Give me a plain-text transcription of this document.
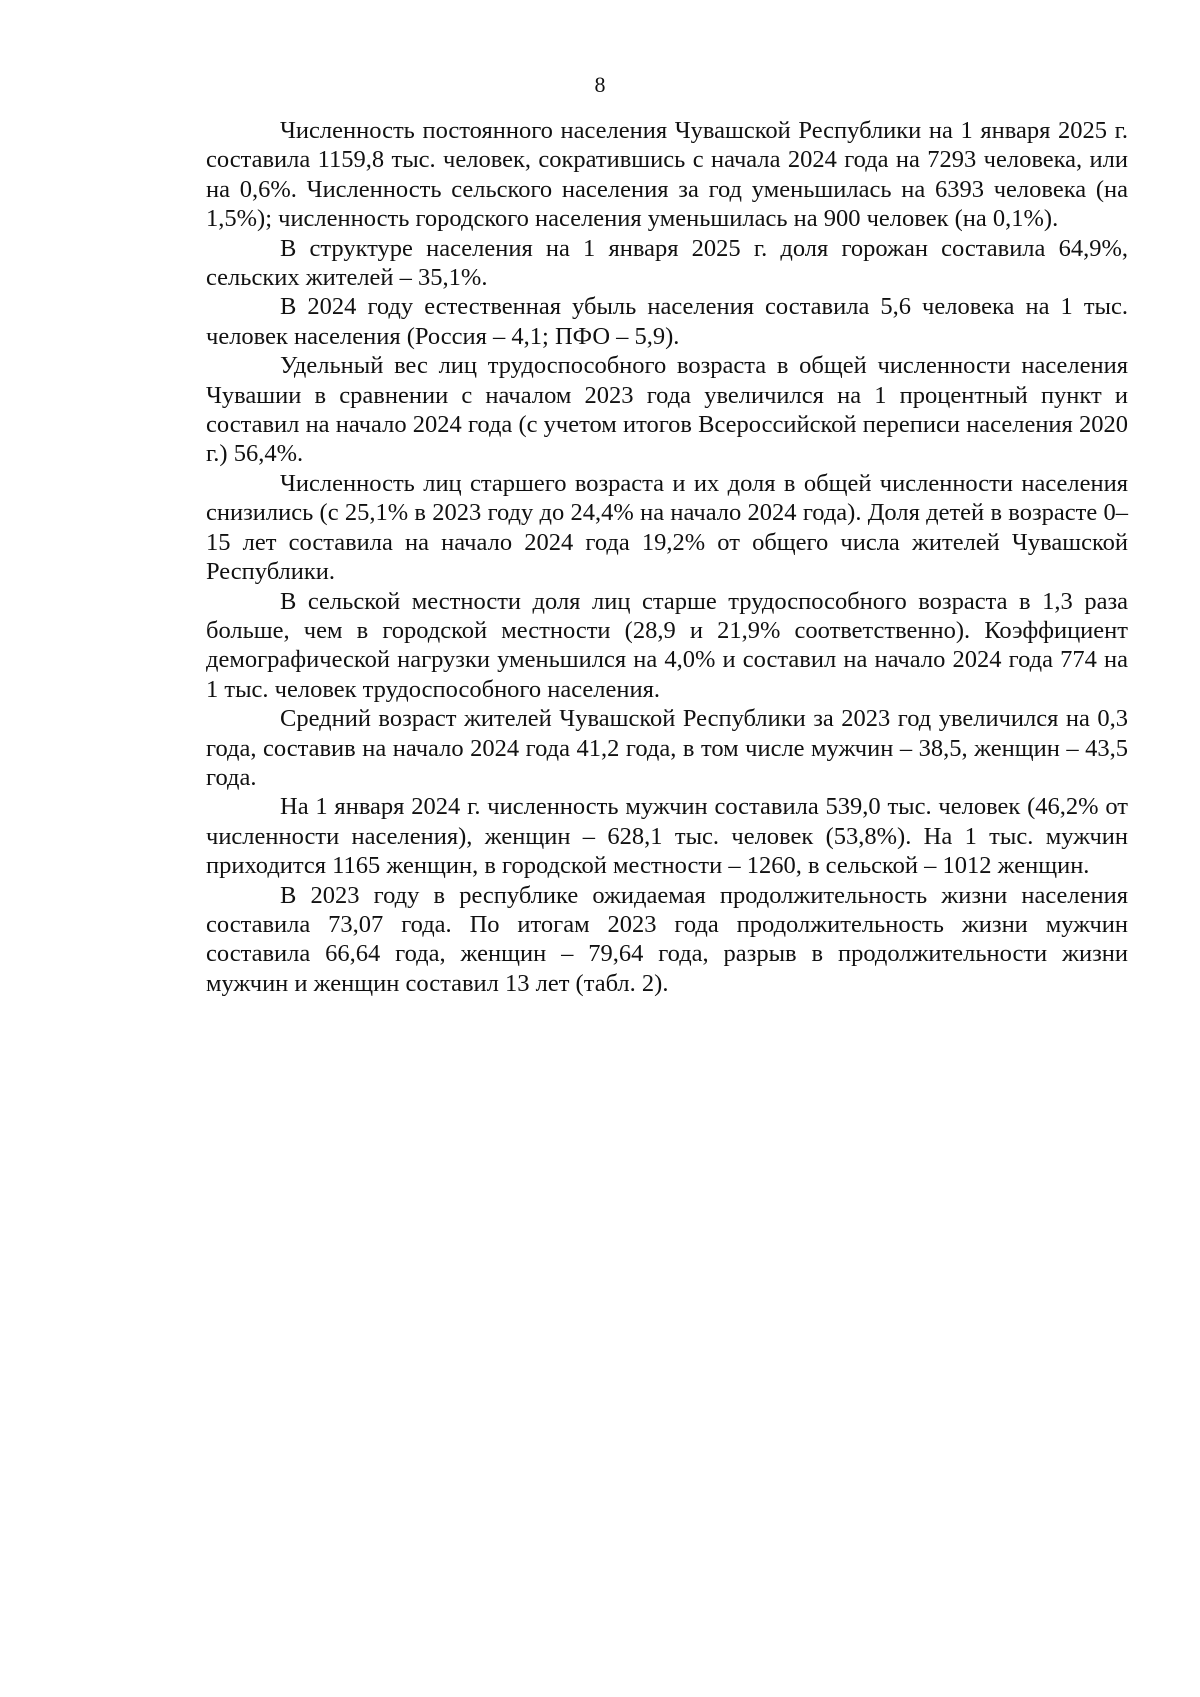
8

Численность постоянного населения Чувашской Республики на 1 января 2025 г. составила 1159,8 тыс. человек, сократившись с начала 2024 года на 7293 человека, или на 0,6%. Численность сельского населения за год уменьшилась на 6393 человека (на 1,5%); численность городского населения уменьшилась на 900 человек (на 0,1%).

В структуре населения на 1 января 2025 г. доля горожан составила 64,9%, сельских жителей – 35,1%.

В 2024 году естественная убыль населения составила 5,6 человека на 1 тыс. человек населения (Россия – 4,1; ПФО – 5,9).

Удельный вес лиц трудоспособного возраста в общей численности населения Чувашии в сравнении с началом 2023 года увеличился на 1 процентный пункт и составил на начало 2024 года (с учетом итогов Всероссийской переписи населения 2020 г.) 56,4%.

Численность лиц старшего возраста и их доля в общей численности населения снизились (с 25,1% в 2023 году до 24,4% на начало 2024 года). Доля детей в возрасте 0–15 лет составила на начало 2024 года 19,2% от общего числа жителей Чувашской Республики.

В сельской местности доля лиц старше трудоспособного возраста в 1,3 раза больше, чем в городской местности (28,9 и 21,9% соответственно). Коэффициент демографической нагрузки уменьшился на 4,0% и составил на начало 2024 года 774 на 1 тыс. человек трудоспособного населения.

Средний возраст жителей Чувашской Республики за 2023 год увеличился на 0,3 года, составив на начало 2024 года 41,2 года, в том числе мужчин – 38,5, женщин – 43,5 года.

На 1 января 2024 г. численность мужчин составила 539,0 тыс. человек (46,2% от численности населения), женщин – 628,1 тыс. человек (53,8%). На 1 тыс. мужчин приходится 1165 женщин, в городской местности – 1260, в сельской – 1012 женщин.

В 2023 году в республике ожидаемая продолжительность жизни населения составила 73,07 года. По итогам 2023 года продолжительность жизни мужчин составила 66,64 года, женщин – 79,64 года, разрыв в продолжительности жизни мужчин и женщин составил 13 лет (табл. 2).
